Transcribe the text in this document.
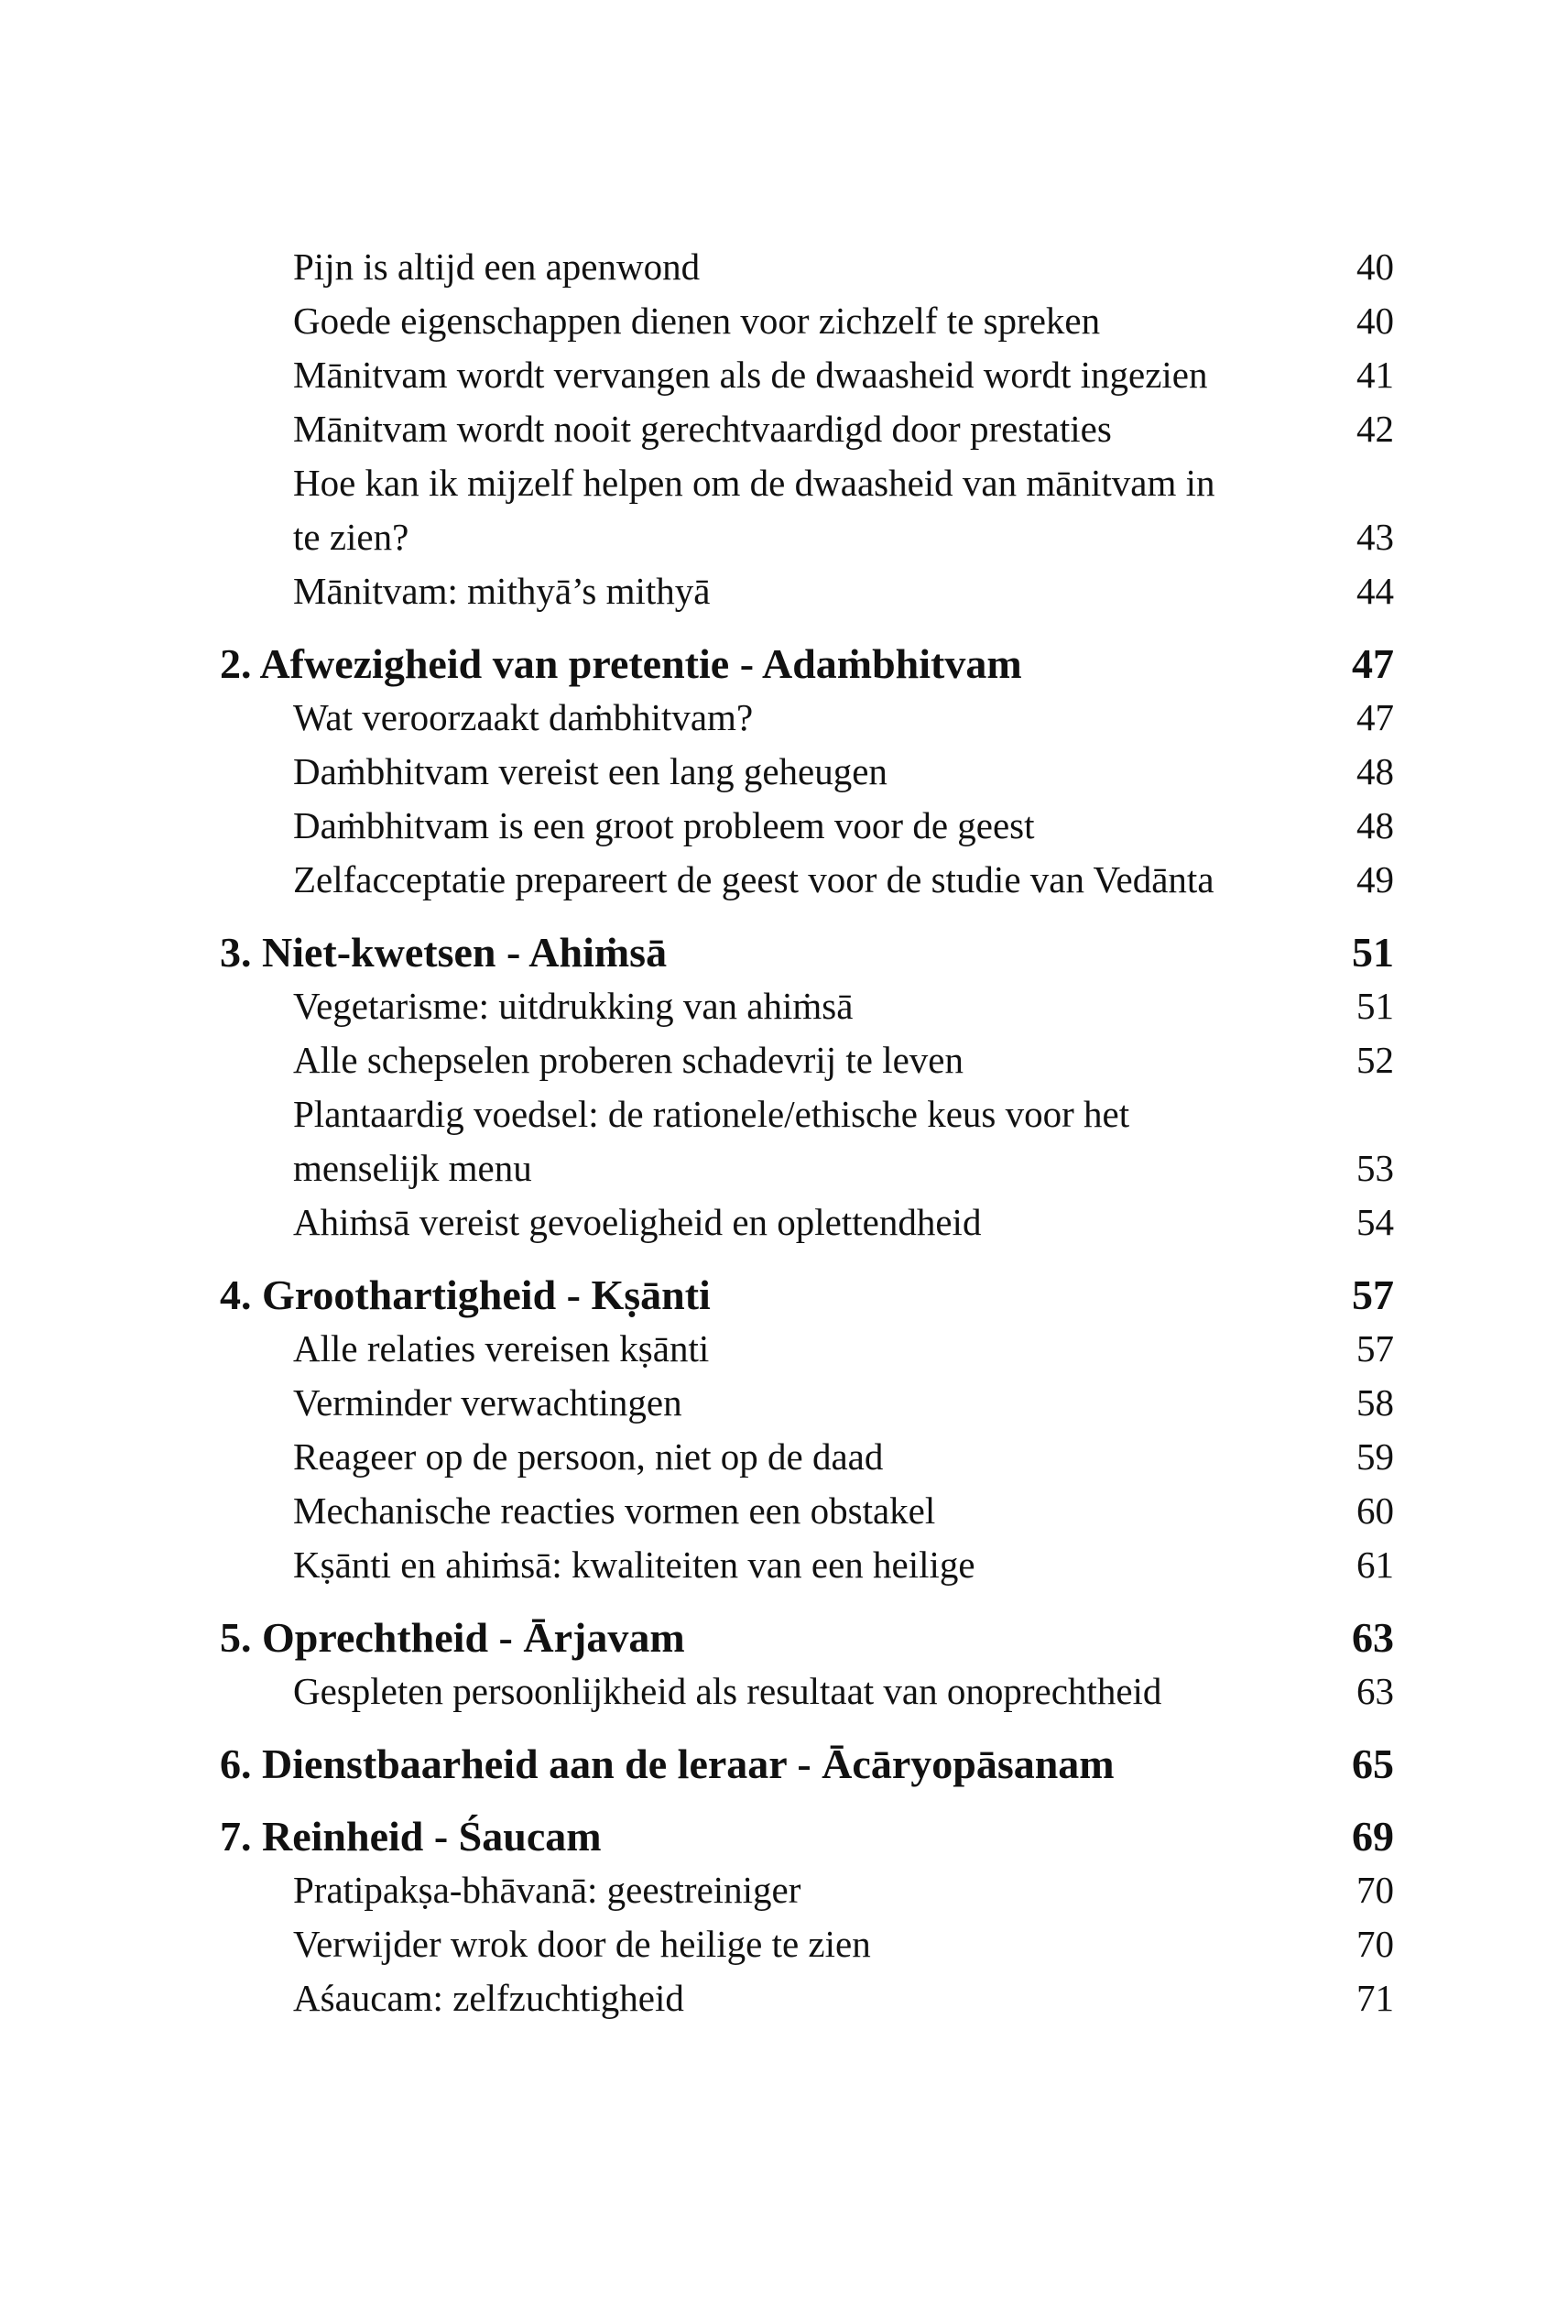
Pijn is altijd een apenwond	40
Goede eigenschappen dienen voor zichzelf te spreken	40
Mānitvam wordt vervangen als de dwaasheid wordt ingezien	41
Mānitvam wordt nooit gerechtvaardigd door prestaties	42
Hoe kan ik mijzelf helpen om de dwaasheid van mānitvam in
te zien?	43
Mānitvam: mithyā’s mithyā	44
2. Afwezigheid van pretentie - Adaṁbhitvam	47
Wat veroorzaakt daṁbhitvam?	47
Daṁbhitvam vereist een lang geheugen	48
Daṁbhitvam is een groot probleem voor de geest	48
Zelfacceptatie prepareert de geest voor de studie van Vedānta	49
3. Niet-kwetsen - Ahiṁsā	51
Vegetarisme: uitdrukking van ahiṁsā	51
Alle schepselen proberen schadevrij te leven	52
Plantaardig voedsel: de rationele/ethische keus voor het
menselijk menu	53
Ahiṁsā vereist gevoeligheid en oplettendheid	54
4. Groothartigheid - Kṣānti	57
Alle relaties vereisen kṣānti	57
Verminder verwachtingen	58
Reageer op de persoon, niet op de daad	59
Mechanische reacties vormen een obstakel	60
Kṣānti en ahiṁsā: kwaliteiten van een heilige	61
5. Oprechtheid - Ārjavam	63
Gespleten persoonlijkheid als resultaat van onoprechtheid	63
6. Dienstbaarheid aan de leraar - Ācāryopāsanam	65
7. Reinheid - Śaucam	69
Pratipakṣa-bhāvanā: geestreiniger	70
Verwijder wrok door de heilige te zien	70
Aśaucam: zelfzuchtigheid	71
